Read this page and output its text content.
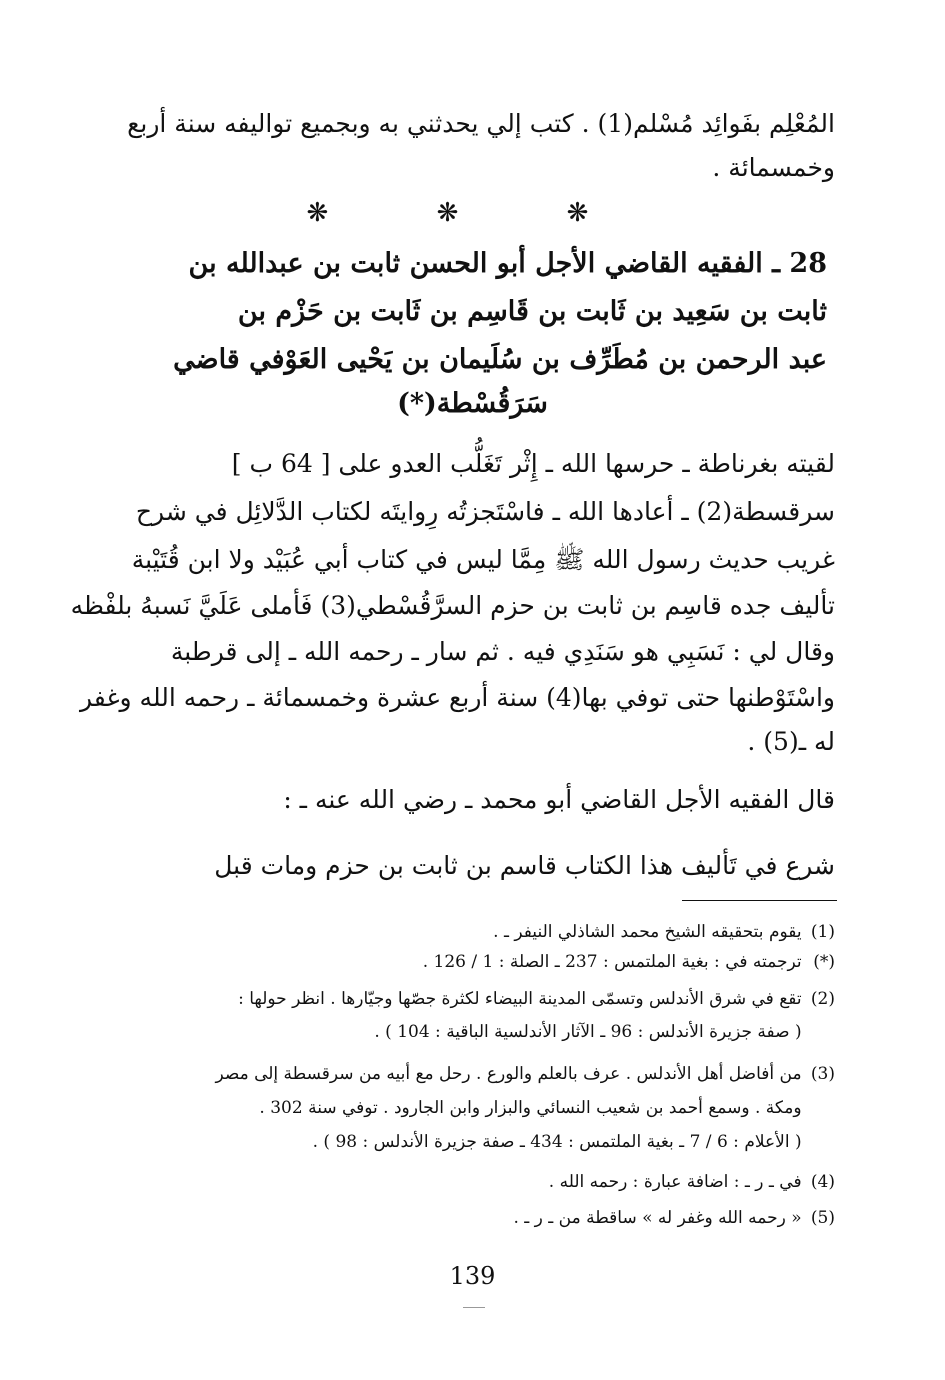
المُعْلِم بفَوائِد مُسْلم(1) . كتب إلي يحدثني به وبجميع تواليفه سنة أربع
وخمسمائة .
❋ ❋ ❋
28 ـ الفقيه القاضي الأجل أبو الحسن ثابت بن عبدالله بن
ثابت بن سَعِيد بن ثَابت بن قَاسِم بن ثَابت بن حَزْم بن
عبد الرحمن بن مُطَرِّف بن سُلَيمان بن يَحْيى العَوْفي قاضي
سَرَقُسْطة(*)
لقيته بغرناطة ـ حرسها الله ـ إِثْر تَغَلُّب العدو على [ 64 ب ]
سرقسطة(2) ـ أعادها الله ـ فاسْتَجزتُه رِوايتَه لكتاب الدَّلائِل في شرح
غريب حديث رسول الله ﷺ مِمَّا ليس في كتاب أبي عُبَيْد ولا ابن قُتَيْبة
تأليف جده قاسِم بن ثابت بن حزم السرَّقُسْطي(3) فَأملى عَلَيَّ نَسبهُ بلفْظه
وقال لي : نَسَبِي هو سَنَدِي فيه . ثم سار ـ رحمه الله ـ إلى قرطبة
واسْتَوْطنها حتى توفي بها(4) سنة أربع عشرة وخمسمائة ـ رحمه الله وغفر
له ـ(5) .
قال الفقيه الأجل القاضي أبو محمد ـ رضي الله عنه ـ :
شرع في تَأليف هذا الكتاب قاسم بن ثابت بن حزم ومات قبل
(1) يقوم بتحقيقه الشيخ محمد الشاذلي النيفر ـ .
(*) ترجمته في : بغية الملتمس : 237 ـ الصلة : 1 / 126 .
(2) تقع في شرق الأندلس وتسمّى المدينة البيضاء لكثرة جصّها وجيّارها . انظر حولها :
( صفة جزيرة الأندلس : 96 ـ الآثار الأندلسية الباقية : 104 ) .
(3) من أفاضل أهل الأندلس . عرف بالعلم والورع . رحل مع أبيه من سرقسطة إلى مصر
ومكة . وسمع أحمد بن شعيب النسائي والبزار وابن الجارود . توفي سنة 302 .
( الأعلام : 6 / 7 ـ بغية الملتمس : 434 ـ صفة جزيرة الأندلس : 98 ) .
(4) في ـ ر ـ : اضافة عبارة : رحمه الله .
(5) « رحمه الله وغفر له » ساقطة من ـ ر ـ .
139
